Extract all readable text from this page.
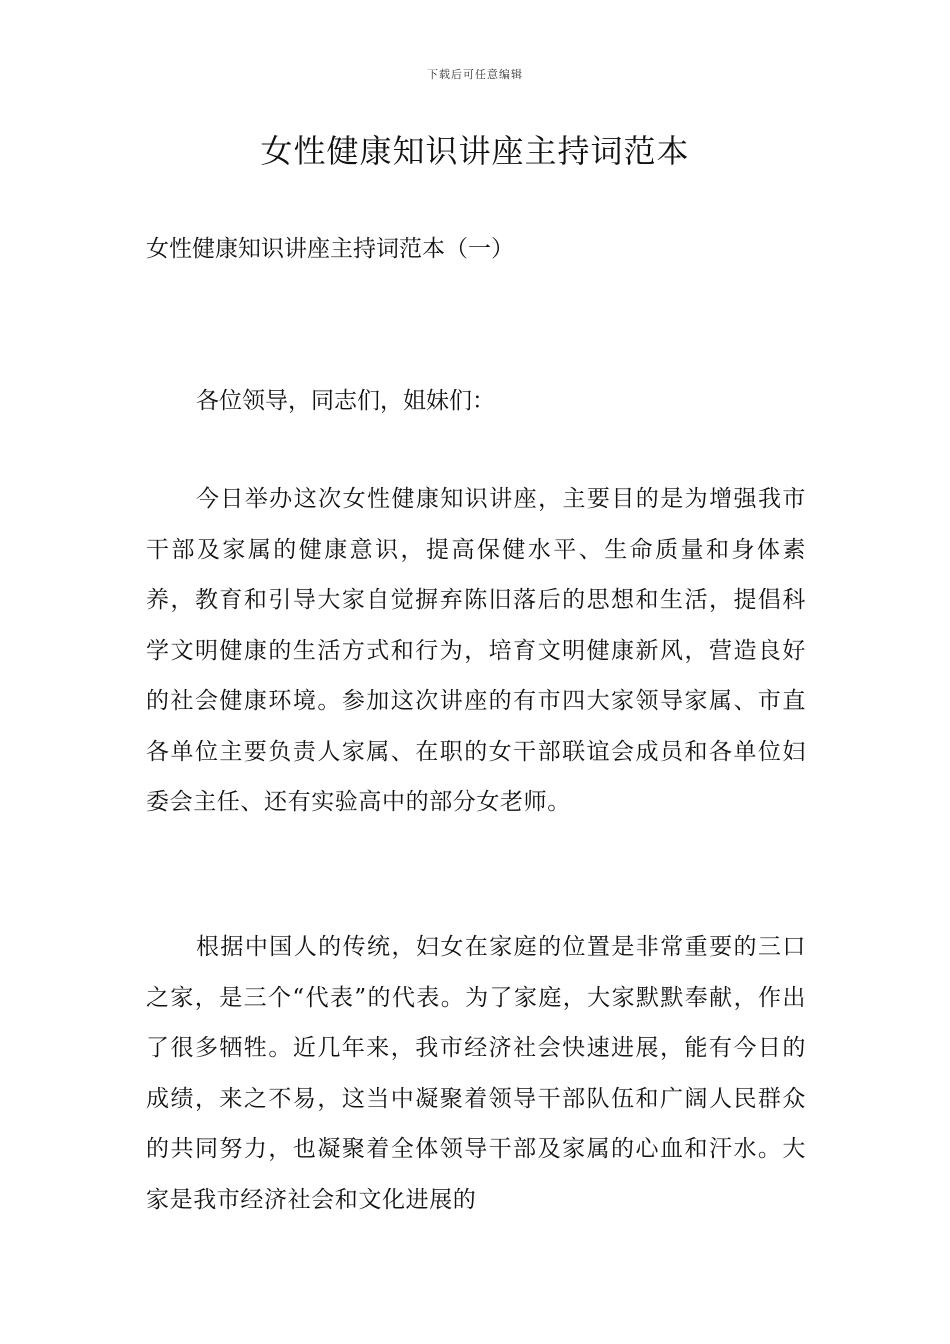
下载后可任意编辑
女性健康知识讲座主持词范本

女性健康知识讲座主持词范本（一）

各位领导，同志们，姐妹们：

今日举办这次女性健康知识讲座，主要目的是为增强我市干部及家属的健康意识，提高保健水平、生命质量和身体素养，教育和引导大家自觉摒弃陈旧落后的思想和生活，提倡科学文明健康的生活方式和行为，培育文明健康新风，营造良好的社会健康环境。参加这次讲座的有市四大家领导家属、市直各单位主要负责人家属、在职的女干部联谊会成员和各单位妇委会主任、还有实验高中的部分女老师。

根据中国人的传统，妇女在家庭的位置是非常重要的三口之家，是三个“代表”的代表。为了家庭，大家默默奉献，作出了很多牺牲。近几年来，我市经济社会快速进展，能有今日的成绩，来之不易，这当中凝聚着领导干部队伍和广阔人民群众的共同努力，也凝聚着全体领导干部及家属的心血和汗水。大家是我市经济社会和文化进展的
